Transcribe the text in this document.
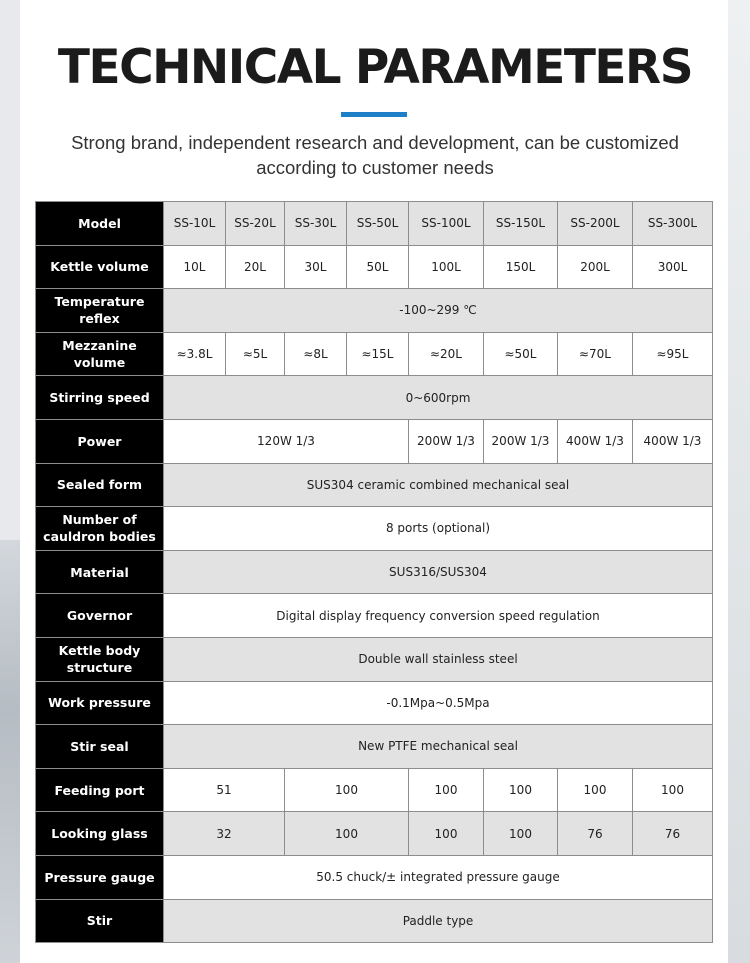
TECHNICAL PARAMETERS
Strong brand, independent research and development, can be customized according to customer needs
Model	SS-10L	SS-20L	SS-30L	SS-50L	SS-100L	SS-150L	SS-200L	SS-300L
Kettle volume	10L	20L	30L	50L	100L	150L	200L	300L
Temperature reflex	-100~299 ℃							
Mezzanine volume	≈3.8L	≈5L	≈8L	≈15L	≈20L	≈50L	≈70L	≈95L
Stirring speed	0~600rpm							
Power	120W 1/3				200W 1/3	200W 1/3	400W 1/3	400W 1/3
Sealed form	SUS304 ceramic combined mechanical seal							
Number of cauldron bodies	8 ports (optional)							
Material	SUS316/SUS304							
Governor	Digital display frequency conversion speed regulation							
Kettle body structure	Double wall stainless steel							
Work pressure	-0.1Mpa~0.5Mpa							
Stir seal	New PTFE mechanical seal							
Feeding port	51		100		100	100	100	100
Looking glass	32		100		100	100	76	76
Pressure gauge	50.5 chuck/± integrated pressure gauge							
Stir	Paddle type							
